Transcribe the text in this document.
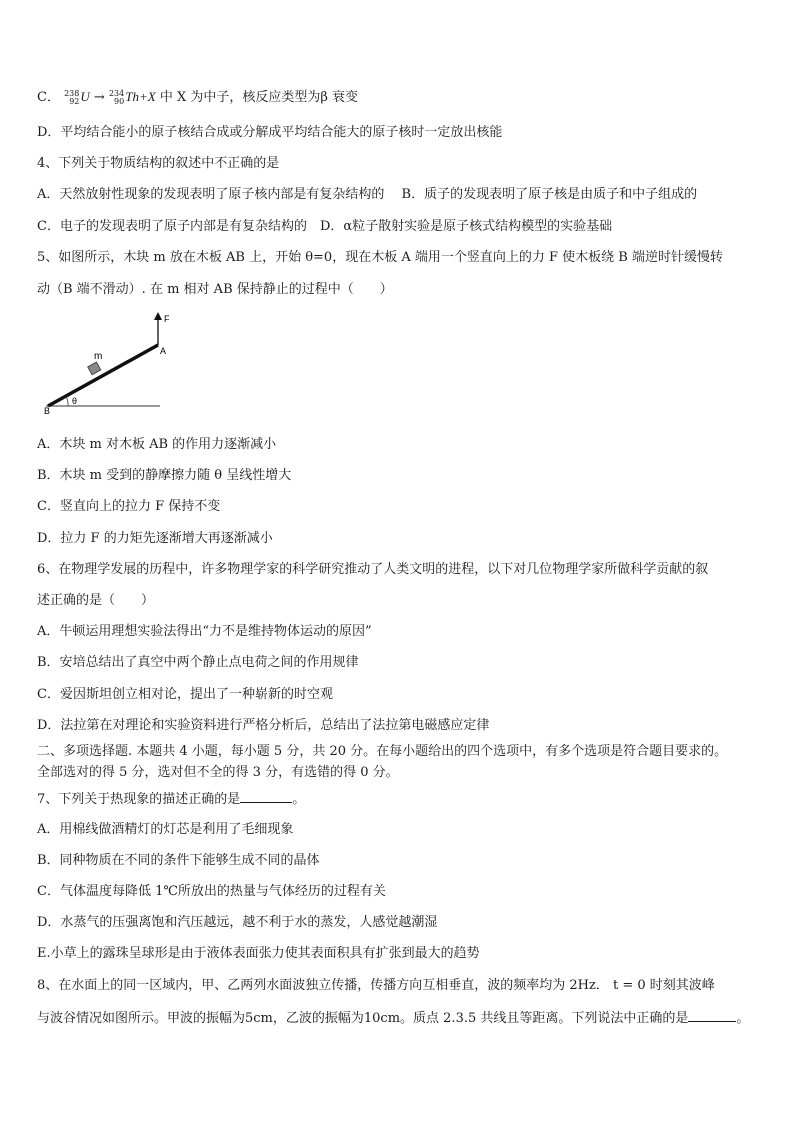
C． 238
92 U → 234
90 Th+X 中 X 为中子，核反应类型为β 衰变
D．平均结合能小的原子核结合成或分解成平均结合能大的原子核时一定放出核能
4、下列关于物质结构的叙述中不正确的是
A．天然放射性现象的发现表明了原子核内部是有复杂结构的　 B．质子的发现表明了原子核是由质子和中子组成的
C．电子的发现表明了原子内部是有复杂结构的　D．α粒子散射实验是原子核式结构模型的实验基础
5、如图所示，木块 m 放在木板 AB 上，开始 θ=0，现在木板 A 端用一个竖直向上的力 F 使木板绕 B 端逆时针缓慢转
动（B 端不滑动）. 在 m 相对 AB 保持静止的过程中（　　）
F
A
m
θ
B
A．木块 m 对木板 AB 的作用力逐渐减小
B．木块 m 受到的静摩擦力随 θ 呈线性增大
C．竖直向上的拉力 F 保持不变
D．拉力 F 的力矩先逐渐增大再逐渐减小
6、在物理学发展的历程中，许多物理学家的科学研究推动了人类文明的进程，以下对几位物理学家所做科学贡献的叙
述正确的是（　　）
A．牛顿运用理想实验法得出“力不是维持物体运动的原因”
B．安培总结出了真空中两个静止点电荷之间的作用规律
C．爱因斯坦创立相对论，提出了一种崭新的时空观
D．法拉第在对理论和实验资料进行严格分析后，总结出了法拉第电磁感应定律
二、多项选择题. 本题共 4 小题，每小题 5 分，共 20 分。在每小题给出的四个选项中，有多个选项是符合题目要求的。
全部选对的得 5 分，选对但不全的得 3 分，有选错的得 0 分。
7、下列关于热现象的描述正确的是	。
A．用棉线做酒精灯的灯芯是利用了毛细现象
B．同种物质在不同的条件下能够生成不同的晶体
C．气体温度每降低 1℃所放出的热量与气体经历的过程有关
D．水蒸气的压强离饱和汽压越远，越不利于水的蒸发，人感觉越潮湿
E.小草上的露珠呈球形是由于液体表面张力使其表面积具有扩张到最大的趋势
8、在水面上的同一区域内，甲、乙两列水面波独立传播，传播方向互相垂直，波的频率均为 2Hz． t = 0 时刻其波峰
与波谷情况如图所示。甲波的振幅为5cm，乙波的振幅为10cm。质点 2.3.5 共线且等距离。下列说法中正确的是	。
